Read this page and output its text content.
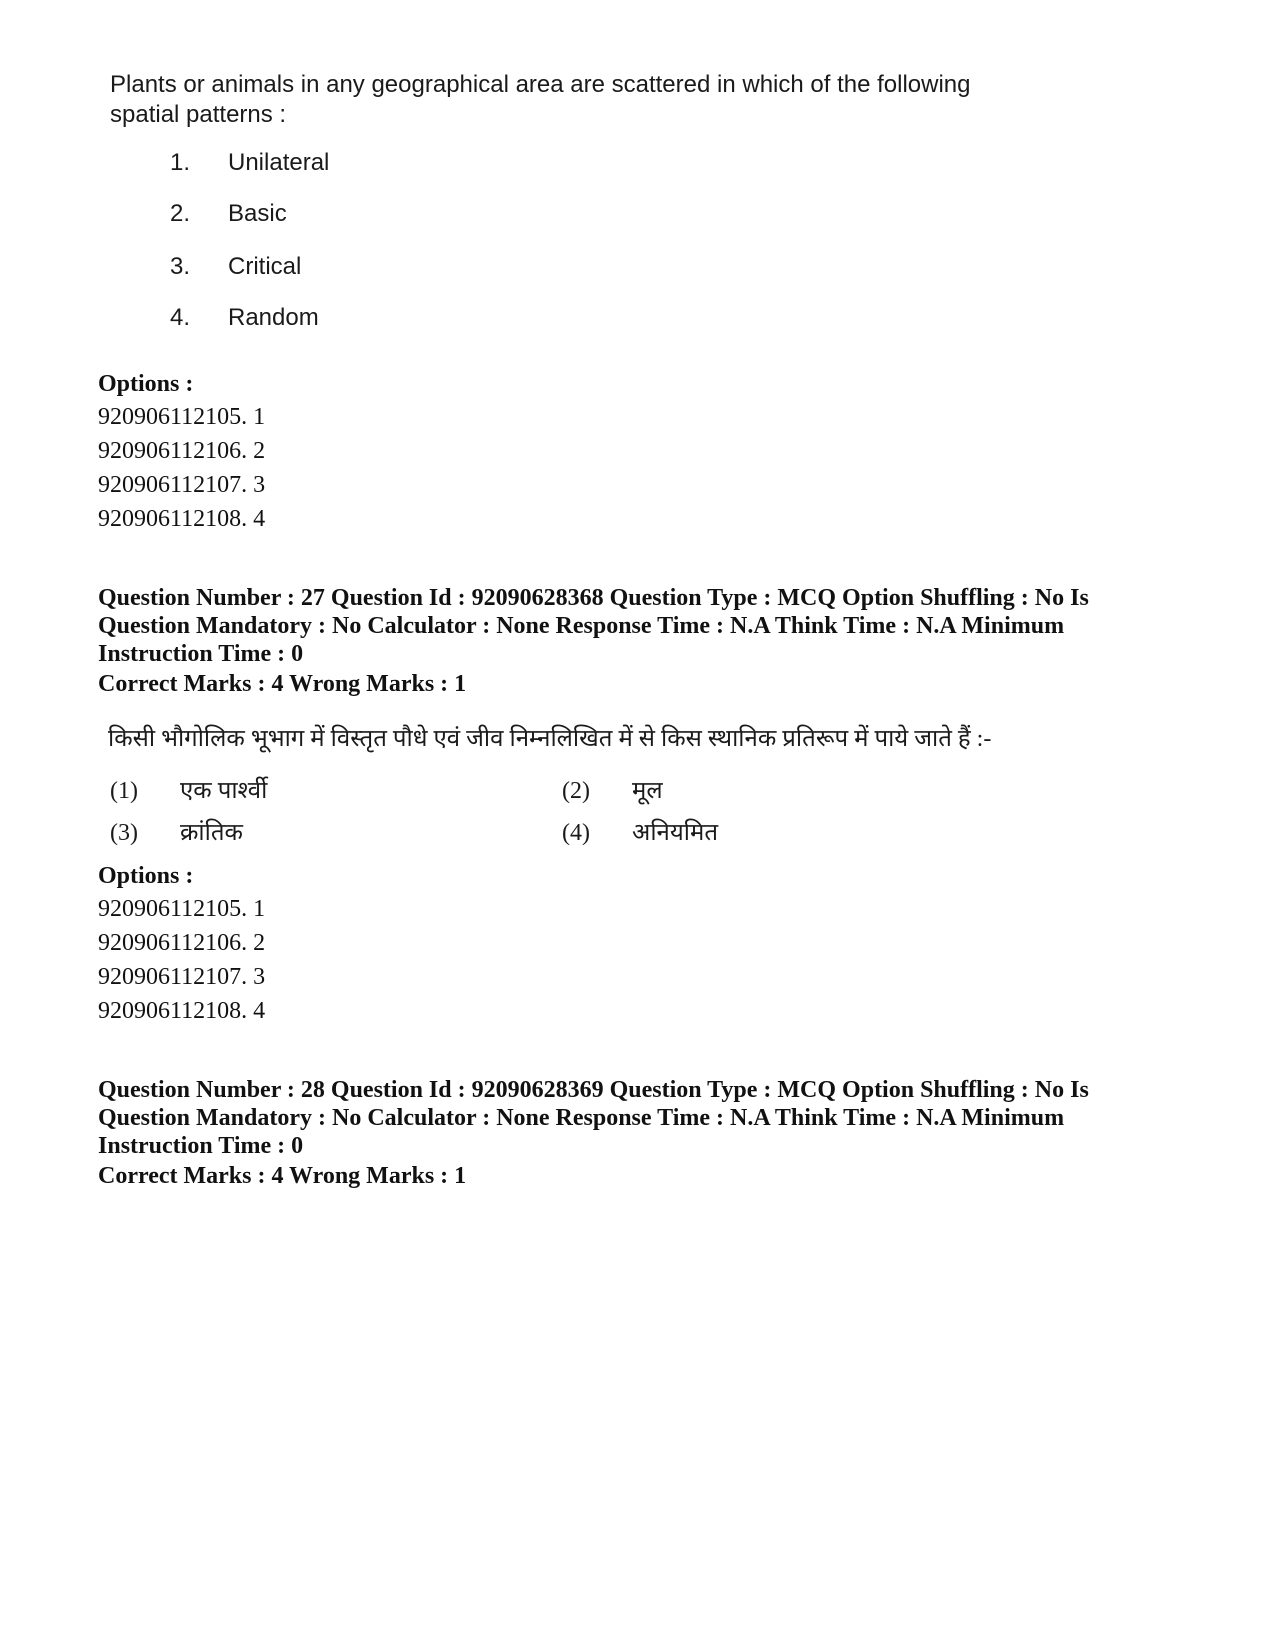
Plants or animals in any geographical area are scattered in which of the following spatial patterns :
1.	Unilateral
2.	Basic
3.	Critical
4.	Random
Options :
920906112105. 1
920906112106. 2
920906112107. 3
920906112108. 4
Question Number : 27 Question Id : 92090628368 Question Type : MCQ Option Shuffling : No Is Question Mandatory : No Calculator : None Response Time : N.A Think Time : N.A Minimum Instruction Time : 0
Correct Marks : 4 Wrong Marks : 1
किसी भौगोलिक भूभाग में विस्तृत पौधे एवं जीव निम्नलिखित में से किस स्थानिक प्रतिरूप में पाये जाते हैं :-
(1)	एक पार्श्वी	(2)	मूल
(3)	क्रांतिक	(4)	अनियमित
Options :
920906112105. 1
920906112106. 2
920906112107. 3
920906112108. 4
Question Number : 28 Question Id : 92090628369 Question Type : MCQ Option Shuffling : No Is Question Mandatory : No Calculator : None Response Time : N.A Think Time : N.A Minimum Instruction Time : 0
Correct Marks : 4 Wrong Marks : 1
